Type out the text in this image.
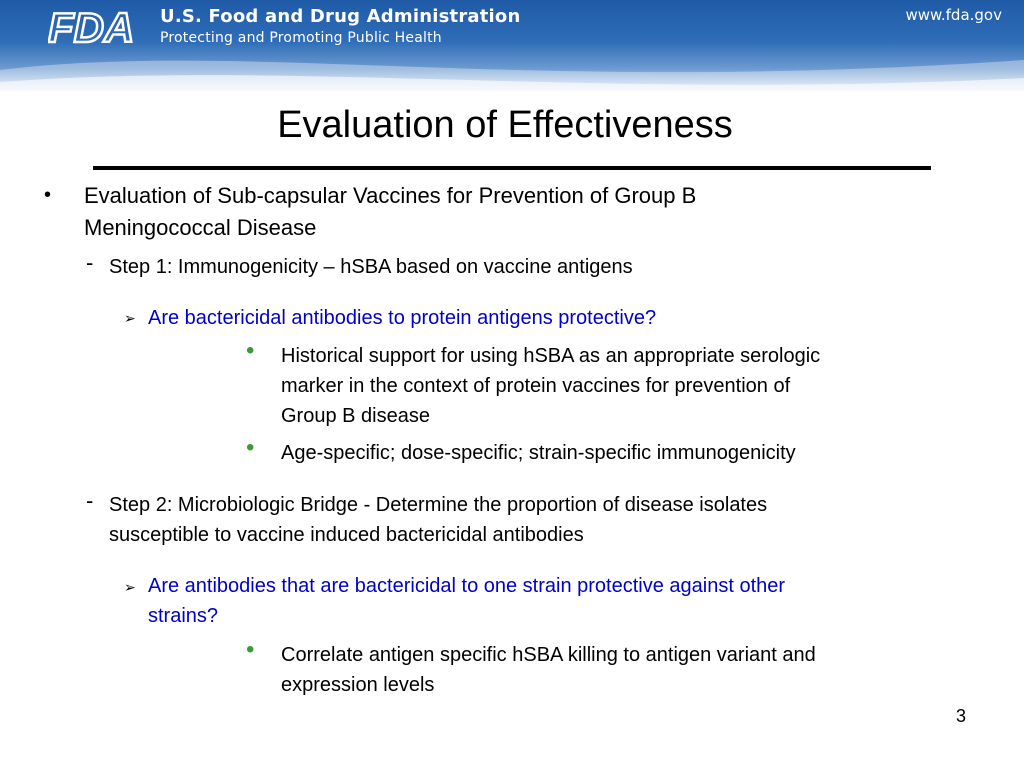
FDA U.S. Food and Drug Administration
Protecting and Promoting Public Health
www.fda.gov
Evaluation of Effectiveness
• Evaluation of Sub-capsular Vaccines for Prevention of Group B
Meningococcal Disease
- Step 1: Immunogenicity – hSBA based on vaccine antigens
➢ Are bactericidal antibodies to protein antigens protective?
• Historical support for using hSBA as an appropriate serologic
marker in the context of protein vaccines for prevention of
Group B disease
• Age-specific; dose-specific; strain-specific immunogenicity
- Step 2: Microbiologic Bridge - Determine the proportion of disease isolates
susceptible to vaccine induced bactericidal antibodies
➢ Are antibodies that are bactericidal to one strain protective against other
strains?
• Correlate antigen specific hSBA killing to antigen variant and
expression levels
3
